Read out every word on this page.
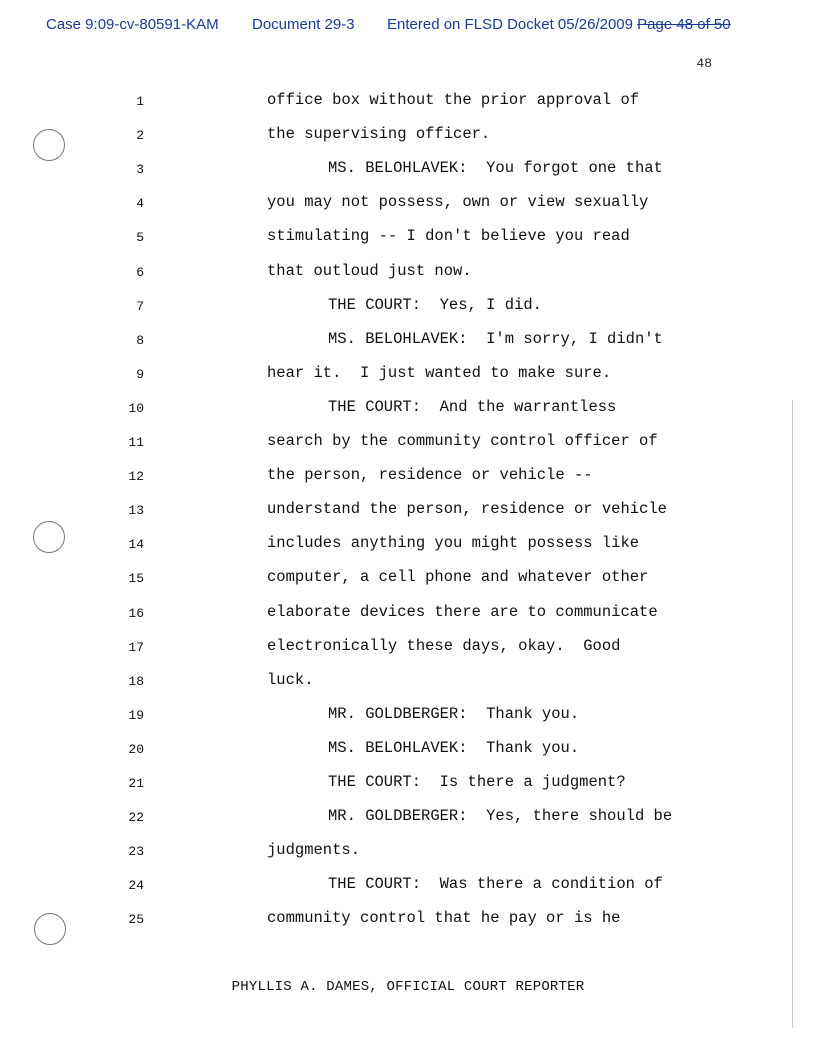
Case 9:09-cv-80591-KAM Document 29-3 Entered on FLSD Docket 05/26/2009 Page 48 of 50
48
1	office box without the prior approval of
2	the supervising officer.
3	MS. BELOHLAVEK:  You forgot one that
4	you may not possess, own or view sexually
5	stimulating -- I don't believe you read
6	that outloud just now.
7	THE COURT:  Yes, I did.
8	MS. BELOHLAVEK:  I'm sorry, I didn't
9	hear it.  I just wanted to make sure.
10	THE COURT:  And the warrantless
11	search by the community control officer of
12	the person, residence or vehicle --
13	understand the person, residence or vehicle
14	includes anything you might possess like
15	computer, a cell phone and whatever other
16	elaborate devices there are to communicate
17	electronically these days, okay.  Good
18	luck.
19	MR. GOLDBERGER:  Thank you.
20	MS. BELOHLAVEK:  Thank you.
21	THE COURT:  Is there a judgment?
22	MR. GOLDBERGER:  Yes, there should be
23	judgments.
24	THE COURT:  Was there a condition of
25	community control that he pay or is he
PHYLLIS A. DAMES, OFFICIAL COURT REPORTER
